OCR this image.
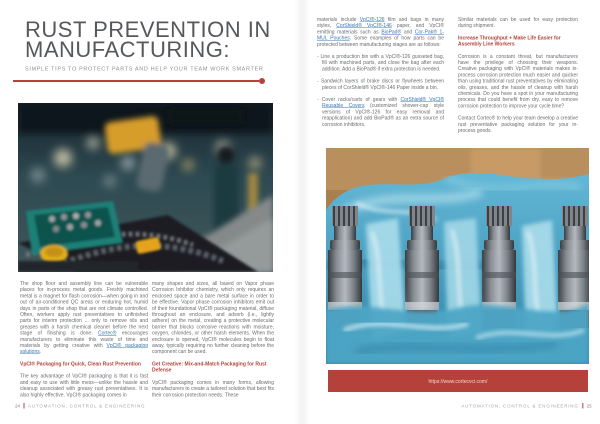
RUST PREVENTION IN
MANUFACTURING:
SIMPLE TIPS TO PROTECT PARTS AND HELP YOUR TEAM WORK SMARTER

The shop floor and assembly line can be vulnerable places for in-process metal goods. Freshly machined metal is a magnet for flash corrosion—when going in and out of air-conditioned QC areas or enduring hot, humid days in parts of the shop that are not climate controlled. Often, workers apply rust preventatives to unfinished parts for interim protection ... only to remove oils and greases with a harsh chemical cleaner before the next stage of finishing is done. Cortec® encourages manufacturers to eliminate this waste of time and materials by getting creative with VpCI® packaging solutions.

VpCI® Packaging for Quick, Clean Rust Prevention

The key advantage of VpCI® packaging is that it is fast and easy to use with little mess—unlike the hassle and cleanup associated with greasy rust preventatives. It is also highly effective. VpCI® packaging comes in

many shapes and sizes, all based on Vapor phase Corrosion Inhibitor chemistry, which only requires an enclosed space and a bare metal surface in order to be effective. Vapor phase corrosion inhibitors emit out of their foundational VpCI® packaging material, diffuse throughout an enclosure, and adsorb (i.e., lightly adhere) on the metal, creating a protective molecular barrier that blocks corrosive reactions with moisture, oxygen, chlorides, or other harsh elements. When the enclosure is opened, VpCI® molecules begin to float away, typically requiring no further cleaning before the component can be used.

Get Creative: Mix-and-Match Packaging for Rust Defense

VpCI® packaging comes in many forms, allowing manufacturers to create a tailored solution that best fits their corrosion protection needs. These

24 AUTOMATION, CONTROL & ENGINEERING

materials include VpCI®-126 film and bags in many styles, CorShield® VpCI®-146 paper, and VpCI® emitting materials such as BioPad® and Cor-Pak® 1-MUL Pouches. Some examples of how parts can be protected between manufacturing stages are as follows:

- Line a production bin with a VpCI®-126 gusseted bag, fill with machined parts, and close the bag after each addition. Add a BioPad® if extra protection is needed.
- Sandwich layers of brake discs or flywheels between pieces of CorShield® VpCI®-146 Paper inside a bin.
- Cover racks/carts of gears with CorShield® VpCI® Reusable Covers (customized shower-cap style versions of VpCI®-126 for easy removal and reapplication) and add BioPad® as an extra source of corrosion inhibitors.

Similar materials can be used for easy protection during shipment.

Increase Throughput + Make Life Easier for Assembly Line Workers

Corrosion is a constant threat, but manufacturers have the privilege of choosing their weapons. Creative packaging with VpCI® materials makes in-process corrosion protection much easier and quicker than using traditional rust preventatives by eliminating oils, greases, and the hassle of cleanup with harsh chemicals. Do you have a spot in your manufacturing process that could benefit from dry, easy to remove corrosion protection to improve your cycle time?

Contact Cortec® to help your team develop a creative rust preventative packaging solution for your in-process goods.

https://www.cortecvci.com/
AUTOMATION, CONTROL & ENGINEERING 25
